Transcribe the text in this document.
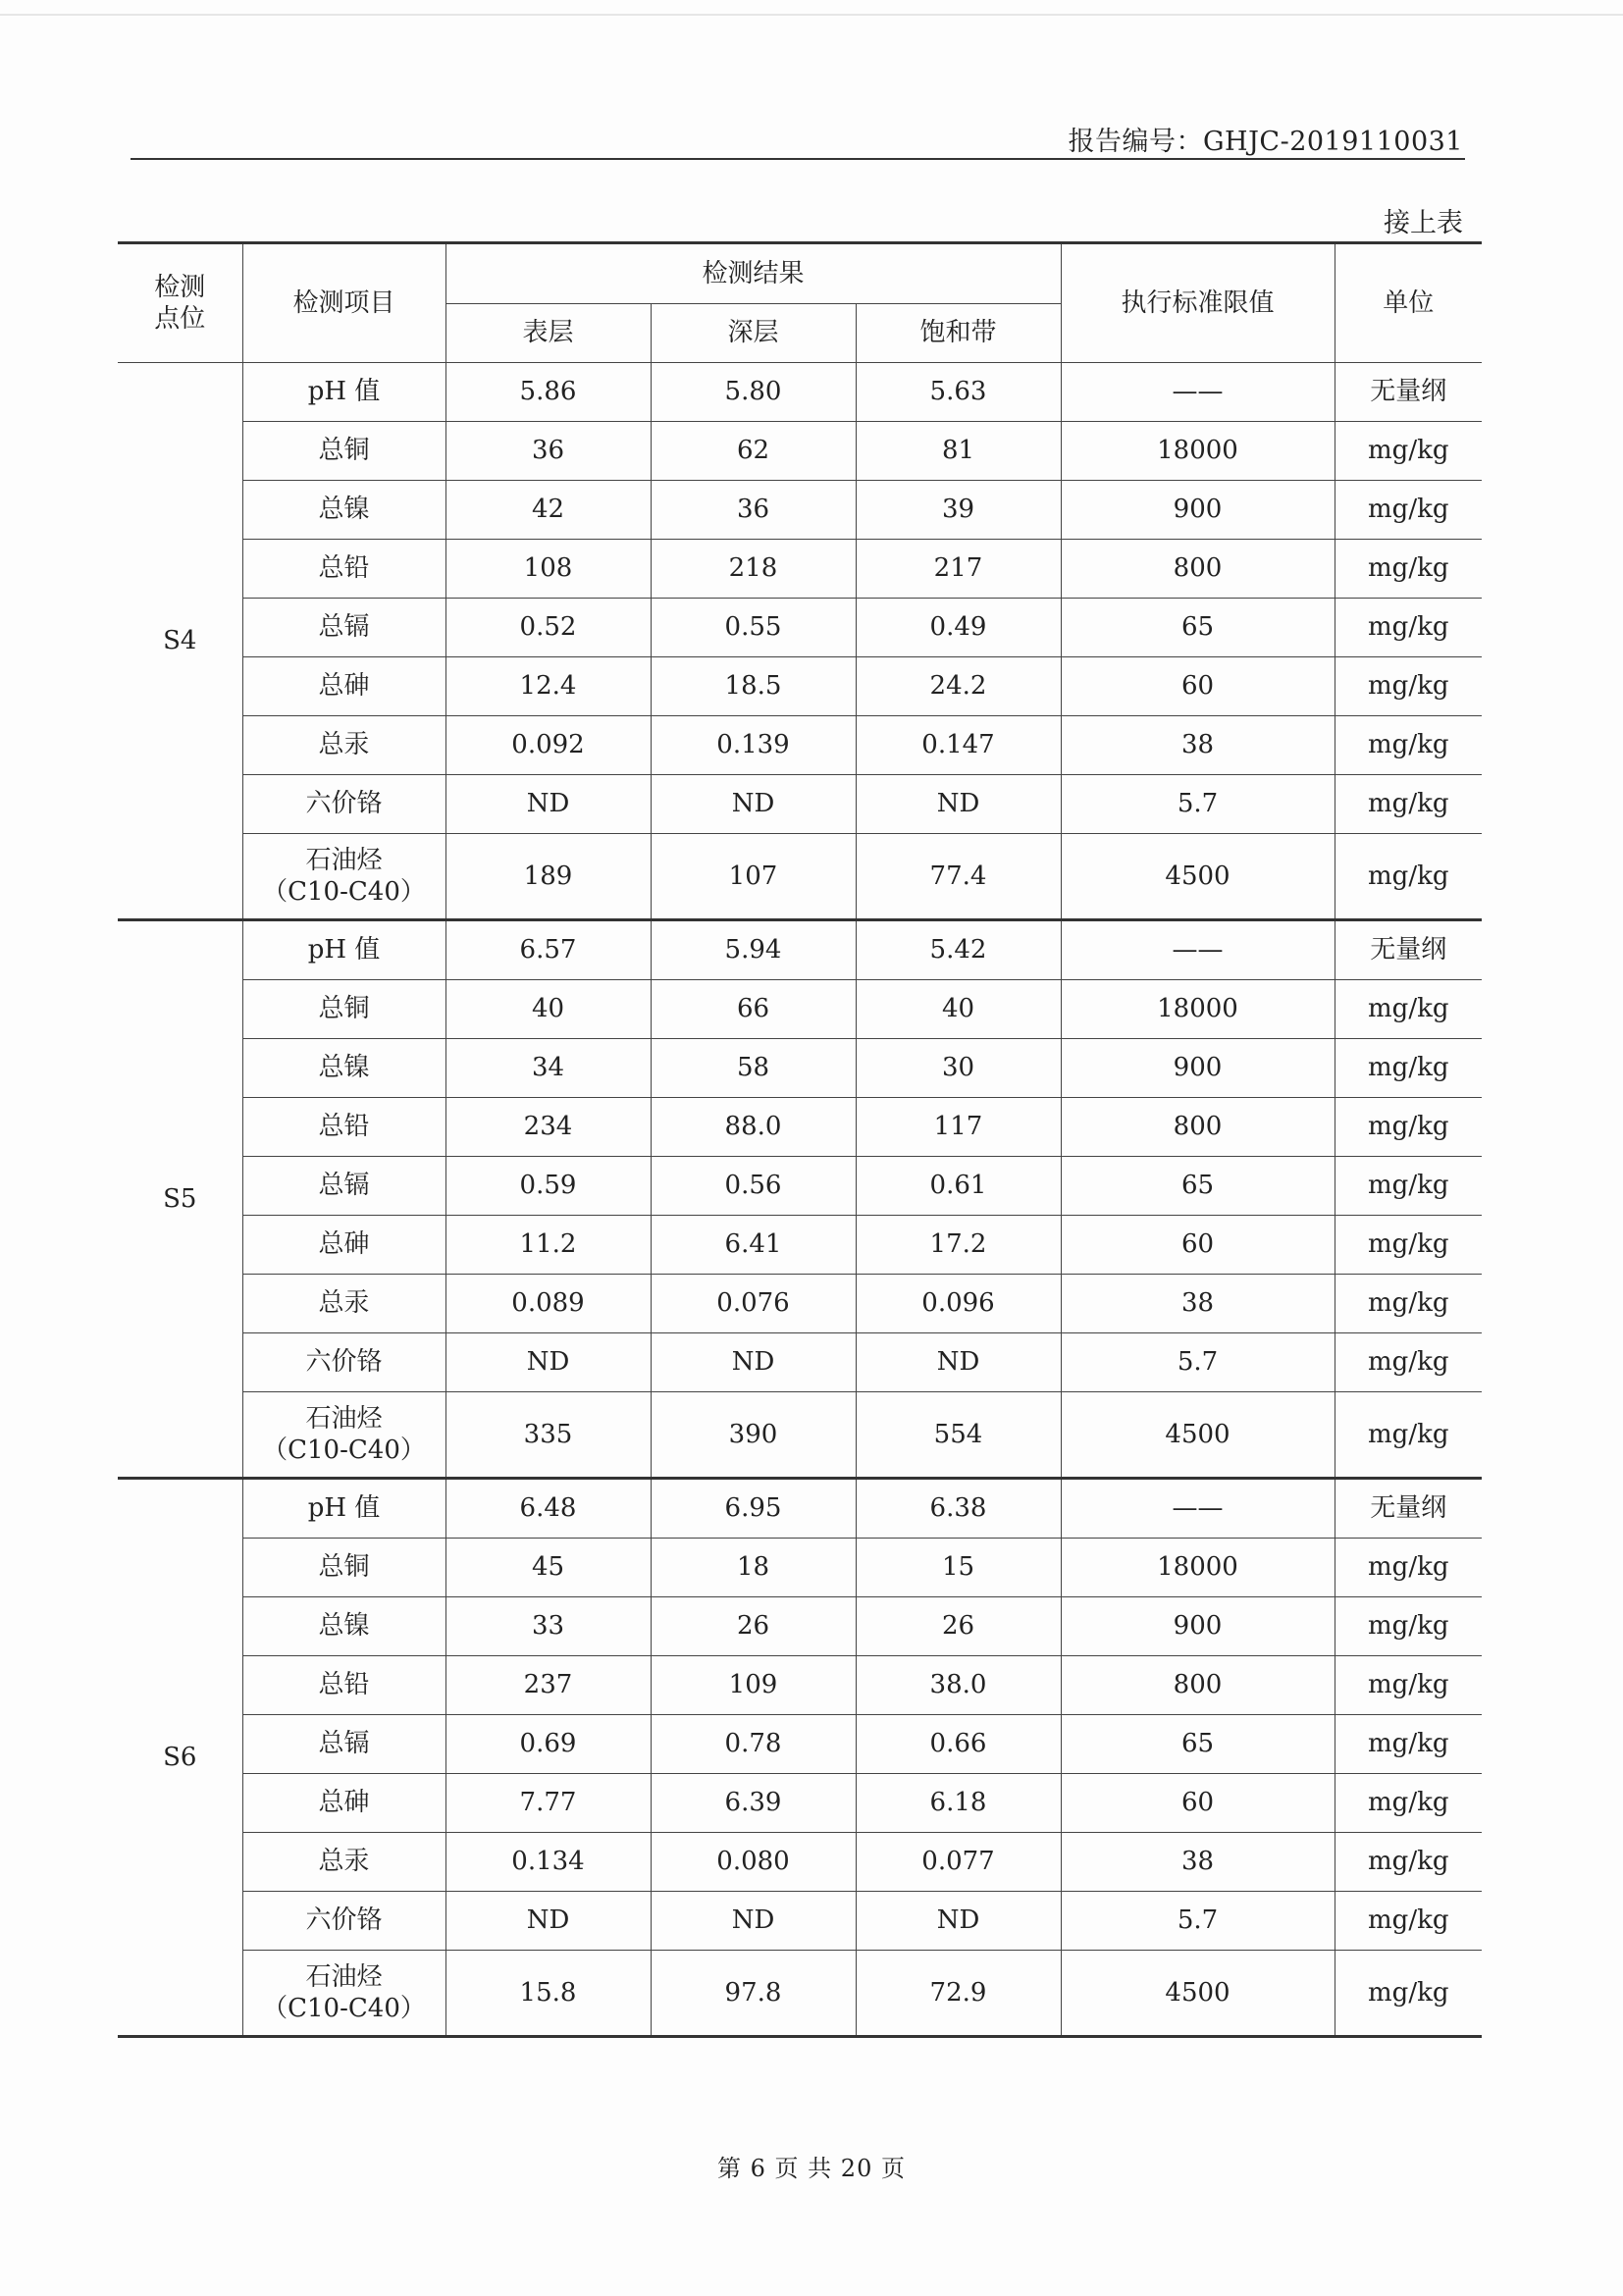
报告编号：GHJC-2019110031
接上表
检测
点位	检测项目	检测结果			执行标准限值	单位
		表层	深层	饱和带		
S4	pH 值	5.86	5.80	5.63	——	无量纲

	总铜	36	62	81	18000	mg/kg

	总镍	42	36	39	900	mg/kg

	总铅	108	218	217	800	mg/kg

	总镉	0.52	0.55	0.49	65	mg/kg

	总砷	12.4	18.5	24.2	60	mg/kg

	总汞	0.092	0.139	0.147	38	mg/kg

	六价铬	ND	ND	ND	5.7	mg/kg

	石油烃
（C10-C40）	189	107	77.4	4500	mg/kg
S5	pH 值	6.57	5.94	5.42	——	无量纲

	总铜	40	66	40	18000	mg/kg

	总镍	34	58	30	900	mg/kg

	总铅	234	88.0	117	800	mg/kg

	总镉	0.59	0.56	0.61	65	mg/kg

	总砷	11.2	6.41	17.2	60	mg/kg

	总汞	0.089	0.076	0.096	38	mg/kg

	六价铬	ND	ND	ND	5.7	mg/kg

	石油烃
（C10-C40）	335	390	554	4500	mg/kg
S6	pH 值	6.48	6.95	6.38	——	无量纲

	总铜	45	18	15	18000	mg/kg

	总镍	33	26	26	900	mg/kg

	总铅	237	109	38.0	800	mg/kg

	总镉	0.69	0.78	0.66	65	mg/kg

	总砷	7.77	6.39	6.18	60	mg/kg

	总汞	0.134	0.080	0.077	38	mg/kg

	六价铬	ND	ND	ND	5.7	mg/kg

	石油烃
（C10-C40）	15.8	97.8	72.9	4500	mg/kg
第 6 页 共 20 页
